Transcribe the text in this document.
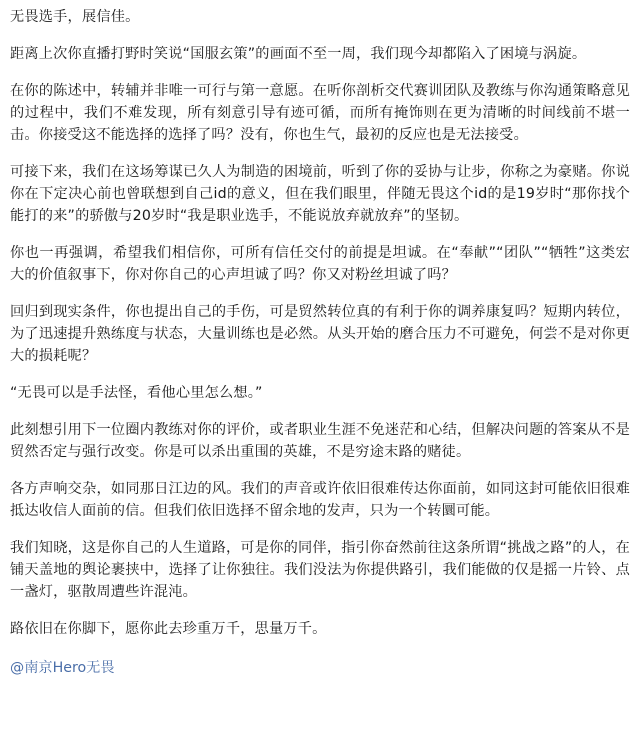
无畏选手，展信佳。

距离上次你直播打野时笑说“国服玄策”的画面不至一周，我们现今却都陷入了困境与涡旋。

在你的陈述中，转辅并非唯一可行与第一意愿。在听你剖析交代赛训团队及教练与你沟通策略意见的过程中，我们不难发现，所有刻意引导有迹可循，而所有掩饰则在更为清晰的时间线前不堪一击。你接受这不能选择的选择了吗？没有，你也生气，最初的反应也是无法接受。

可接下来，我们在这场筹谋已久人为制造的困境前，听到了你的妥协与让步，你称之为豪赌。你说你在下定决心前也曾联想到自己id的意义，但在我们眼里，伴随无畏这个id的是19岁时“那你找个能打的来”的骄傲与20岁时“我是职业选手，不能说放弃就放弃”的坚韧。

你也一再强调，希望我们相信你，可所有信任交付的前提是坦诚。在“奉献”“团队”“牺牲”这类宏大的价值叙事下，你对你自己的心声坦诚了吗？你又对粉丝坦诚了吗？

回归到现实条件，你也提出自己的手伤，可是贸然转位真的有利于你的调养康复吗？短期内转位，为了迅速提升熟练度与状态，大量训练也是必然。从头开始的磨合压力不可避免，何尝不是对你更大的损耗呢？

“无畏可以是手法怪，看他心里怎么想。”

此刻想引用下一位圈内教练对你的评价，或者职业生涯不免迷茫和心结，但解决问题的答案从不是贸然否定与强行改变。你是可以杀出重围的英雄，不是穷途末路的赌徒。

各方声响交杂，如同那日江边的风。我们的声音或许依旧很难传达你面前，如同这封可能依旧很难抵达收信人面前的信。但我们依旧选择不留余地的发声，只为一个转圜可能。

我们知晓，这是你自己的人生道路，可是你的同伴，指引你奋然前往这条所谓“挑战之路”的人，在铺天盖地的舆论裹挟中，选择了让你独往。我们没法为你提供路引，我们能做的仅是摇一片铃、点一盏灯，驱散周遭些许混沌。

路依旧在你脚下，愿你此去珍重万千，思量万千。

@南京Hero无畏
